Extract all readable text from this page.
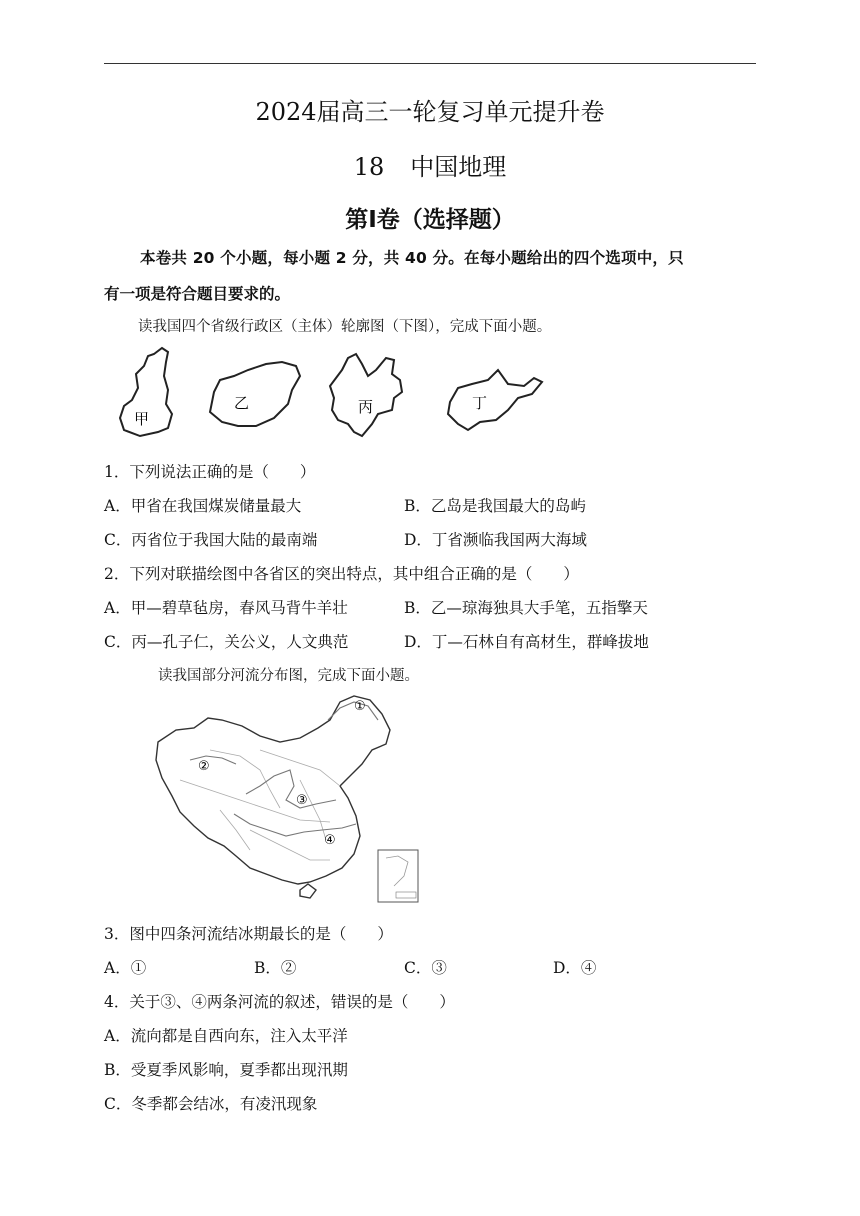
2024届高三一轮复习单元提升卷
18 中国地理
第Ⅰ卷（选择题）
本卷共 20 个小题，每小题 2 分，共 40 分。在每小题给出的四个选项中，只
有一项是符合题目要求的。
读我国四个省级行政区（主体）轮廓图（下图），完成下面小题。
甲
乙	丙	丁
1．下列说法正确的是（　　）
A．甲省在我国煤炭储量最大	B．乙岛是我国最大的岛屿
C．丙省位于我国大陆的最南端	D．丁省濒临我国两大海域
2．下列对联描绘图中各省区的突出特点，其中组合正确的是（　　）
A．甲—碧草毡房，春风马背牛羊壮	B．乙—琼海独具大手笔，五指擎天
C．丙—孔子仁，关公义，人文典范	D．丁—石林自有高材生，群峰拔地
读我国部分河流分布图，完成下面小题。
①
②
③
④
3．图中四条河流结冰期最长的是（　　）
A．①	B．②	C．③	D．④
4．关于③、④两条河流的叙述，错误的是（　　）
A．流向都是自西向东，注入太平洋
B．受夏季风影响，夏季都出现汛期
C．冬季都会结冰，有凌汛现象
